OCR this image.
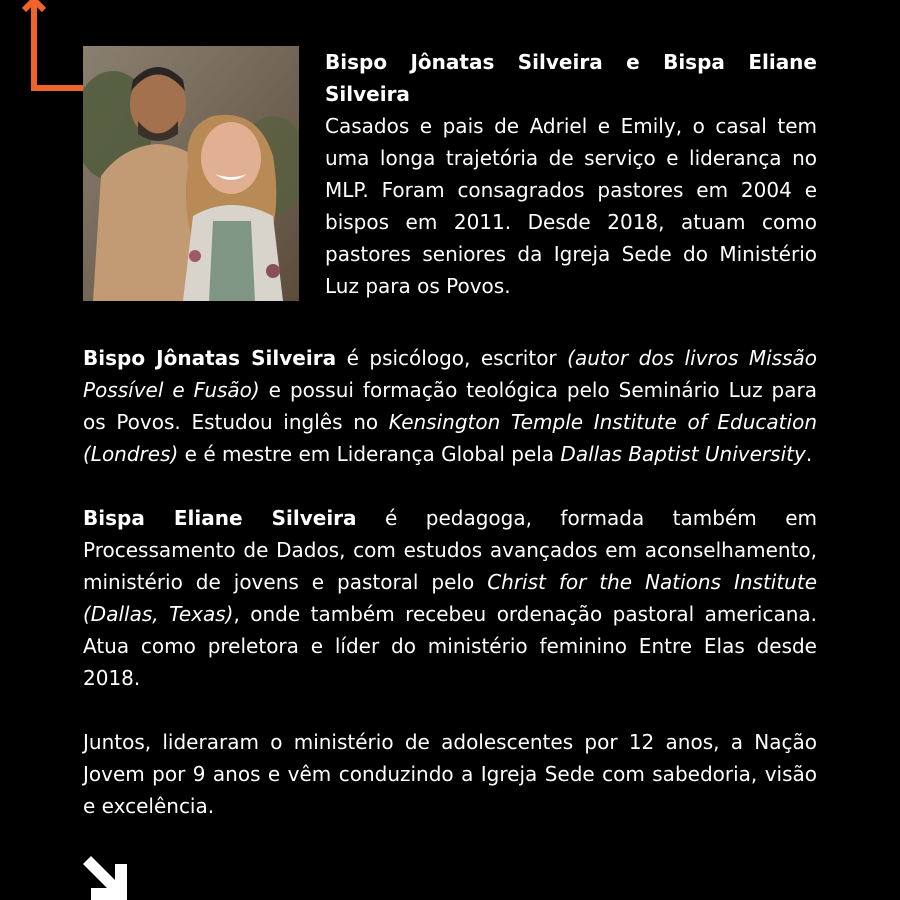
Bispo Jônatas Silveira e Bispa Eliane Silveira
Casados e pais de Adriel e Emily, o casal tem uma longa trajetória de serviço e liderança no MLP. Foram consagrados pastores em 2004 e bispos em 2011. Desde 2018, atuam como pastores seniores da Igreja Sede do Ministério Luz para os Povos.
Bispo Jônatas Silveira é psicólogo, escritor (autor dos livros Missão Possível e Fusão) e possui formação teológica pelo Seminário Luz para os Povos. Estudou inglês no Kensington Temple Institute of Education (Londres) e é mestre em Liderança Global pela Dallas Baptist University.
Bispa Eliane Silveira é pedagoga, formada também em Processamento de Dados, com estudos avançados em aconselhamento, ministério de jovens e pastoral pelo Christ for the Nations Institute (Dallas, Texas), onde também recebeu ordenação pastoral americana. Atua como preletora e líder do ministério feminino Entre Elas desde 2018.
Juntos, lideraram o ministério de adolescentes por 12 anos, a Nação Jovem por 9 anos e vêm conduzindo a Igreja Sede com sabedoria, visão e excelência.
